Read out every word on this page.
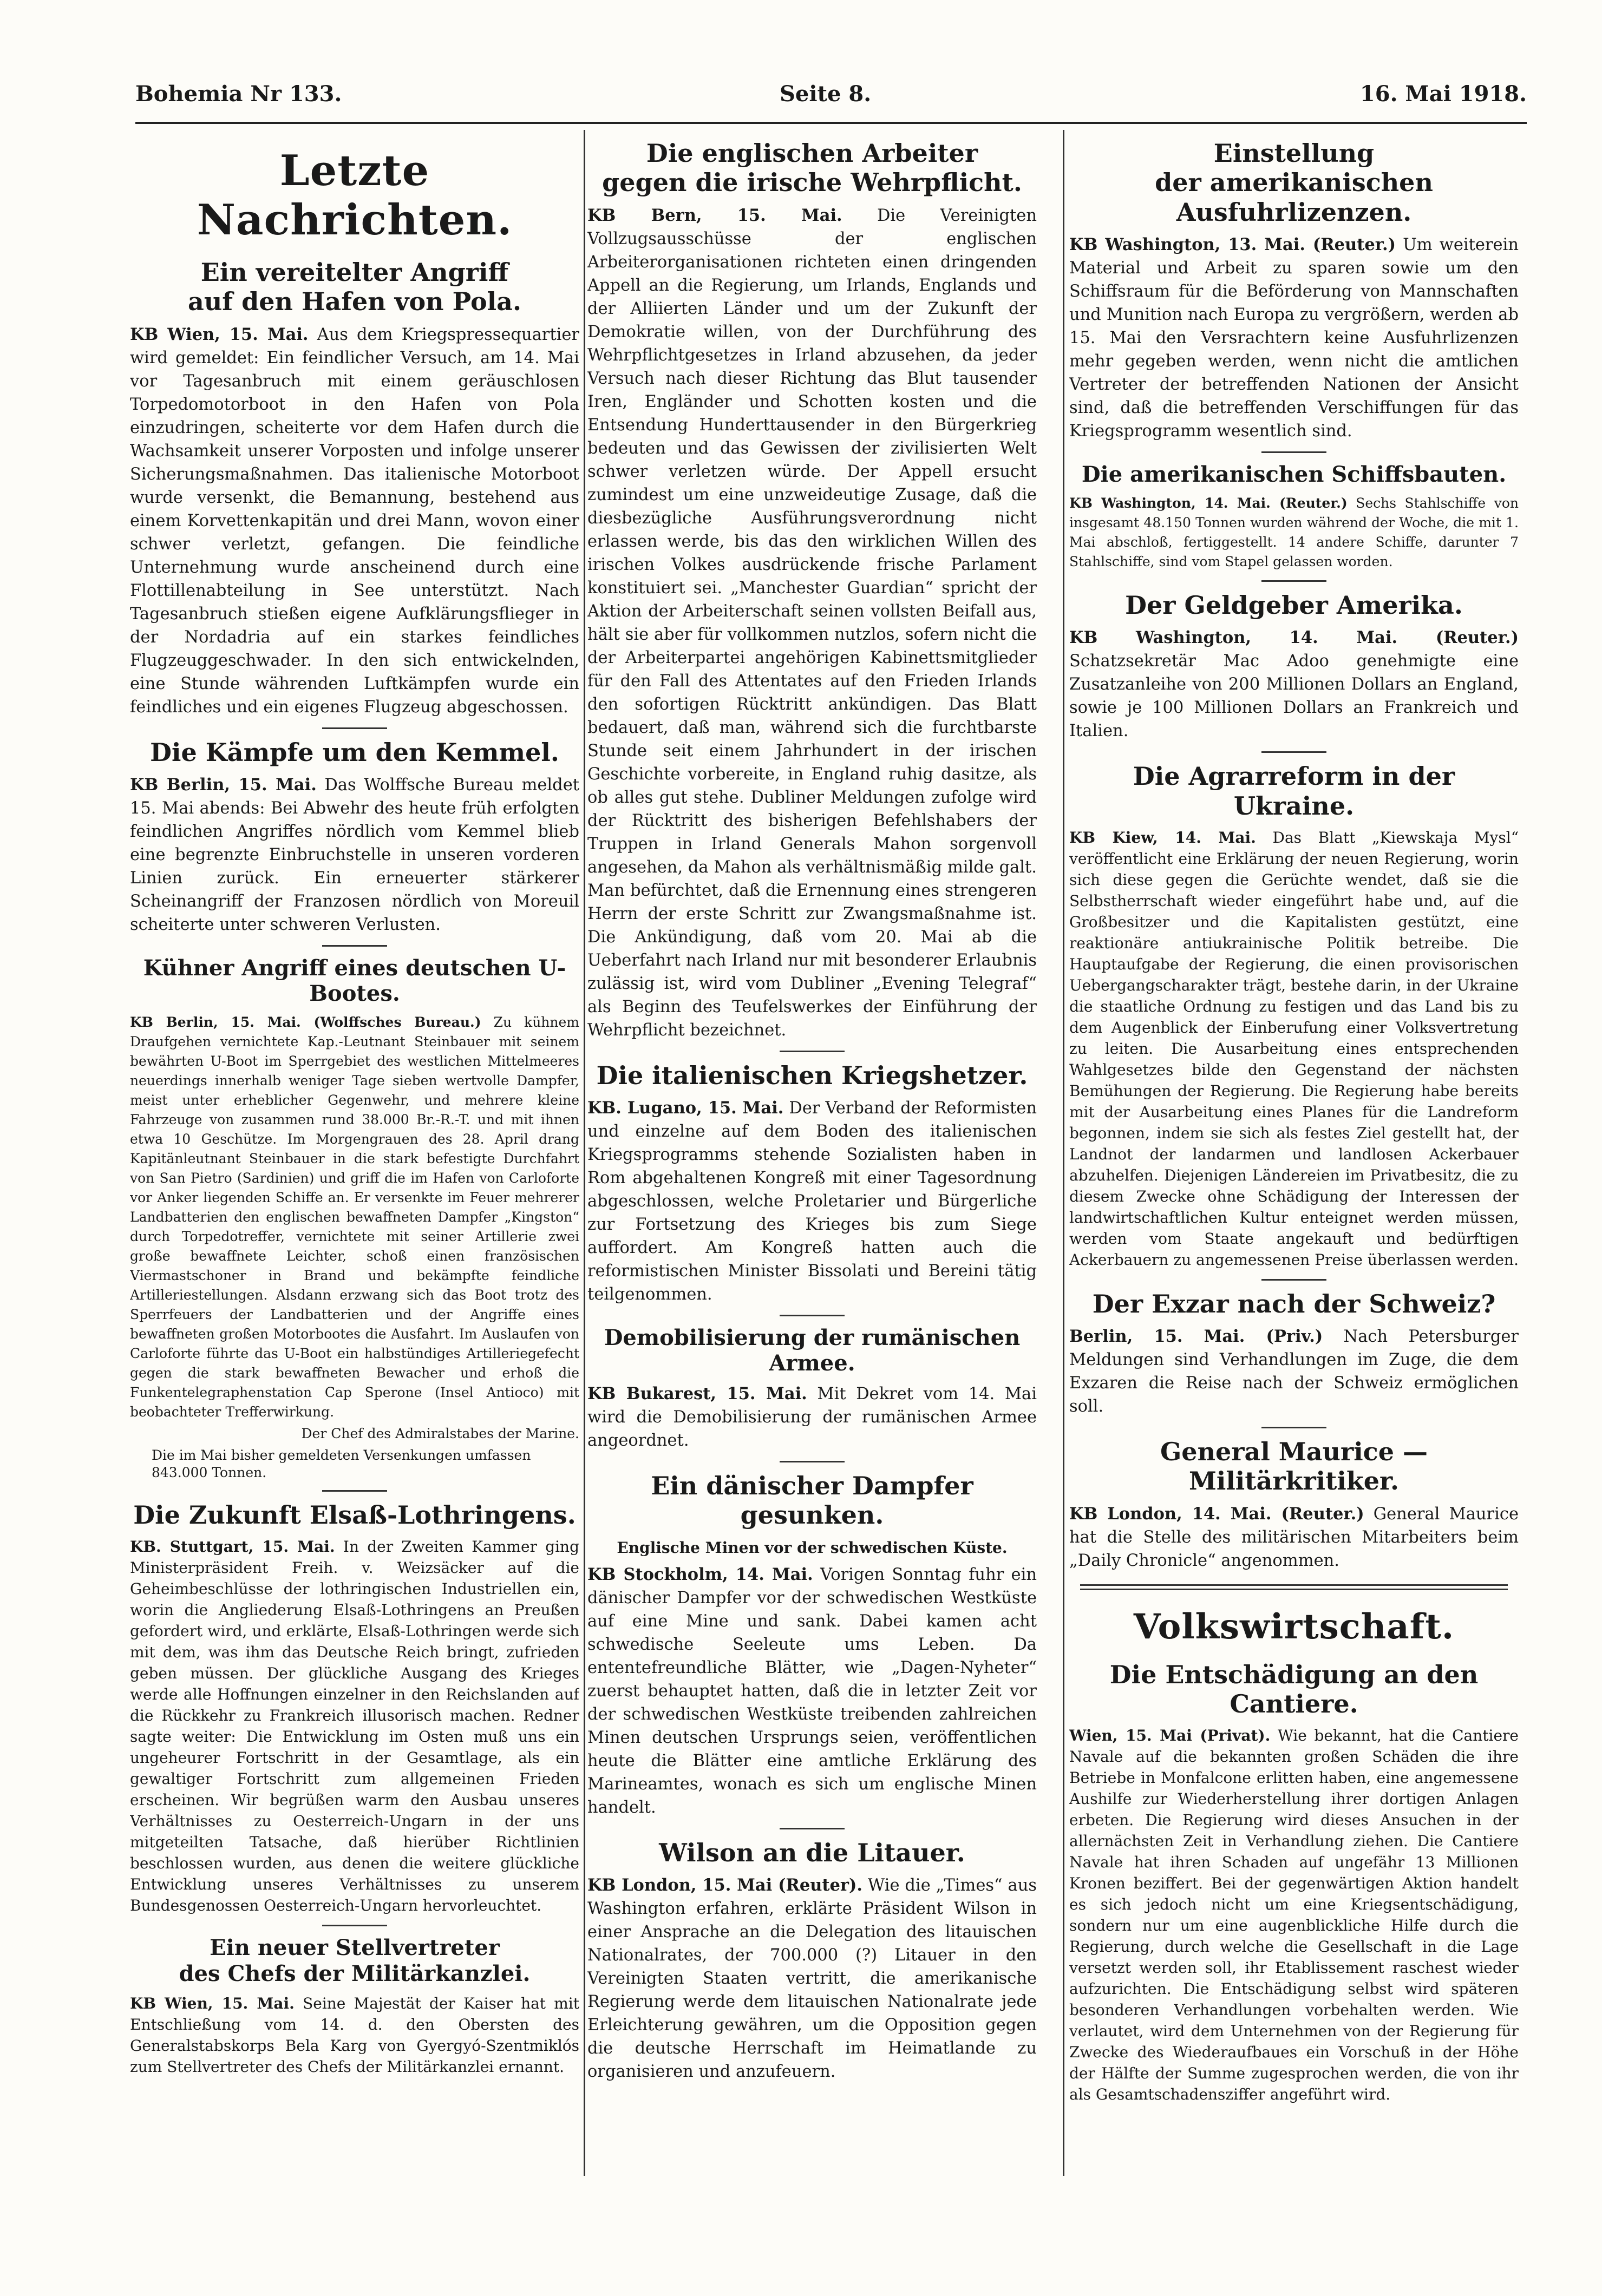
Bohemia Nr 133.	Seite 8.	16. Mai 1918.
Letzte Nachrichten.
Ein vereitelter Angriff
auf den Hafen von Pola.

KB Wien, 15. Mai. Aus dem Kriegspressequartier wird gemeldet: Ein feindlicher Versuch, am 14. Mai vor Tagesanbruch mit einem geräuschlosen Torpedomotorboot in den Hafen von Pola einzudringen, scheiterte vor dem Hafen durch die Wachsamkeit unserer Vorposten und infolge unserer Sicherungsmaßnahmen. Das italienische Motorboot wurde versenkt, die Bemannung, bestehend aus einem Korvettenkapitän und drei Mann, wovon einer schwer verletzt, gefangen. Die feindliche Unternehmung wurde anscheinend durch eine Flottillenabteilung in See unterstützt. Nach Tagesanbruch stießen eigene Aufklärungsflieger in der Nordadria auf ein starkes feindliches Flugzeuggeschwader. In den sich entwickelnden, eine Stunde währenden Luftkämpfen wurde ein feindliches und ein eigenes Flugzeug abgeschossen.

Die Kämpfe um den Kemmel.

KB Berlin, 15. Mai. Das Wolffsche Bureau meldet 15. Mai abends: Bei Abwehr des heute früh erfolgten feindlichen Angriffes nördlich vom Kemmel blieb eine begrenzte Einbruchstelle in unseren vorderen Linien zurück. Ein erneuerter stärkerer Scheinangriff der Franzosen nördlich von Moreuil scheiterte unter schweren Verlusten.

Kühner Angriff eines deutschen U-Bootes.

KB Berlin, 15. Mai. (Wolffsches Bureau.) Zu kühnem Draufgehen vernichtete Kap.-Leutnant Steinbauer mit seinem bewährten U-Boot im Sperrgebiet des westlichen Mittelmeeres neuerdings innerhalb weniger Tage sieben wertvolle Dampfer, meist unter erheblicher Gegenwehr, und mehrere kleine Fahrzeuge von zusammen rund 38.000 Br.-R.-T. und mit ihnen etwa 10 Geschütze. Im Morgengrauen des 28. April drang Kapitänleutnant Steinbauer in die stark befestigte Durchfahrt von San Pietro (Sardinien) und griff die im Hafen von Carloforte vor Anker liegenden Schiffe an. Er versenkte im Feuer mehrerer Landbatterien den englischen bewaffneten Dampfer „Kingston“ durch Torpedotreffer, vernichtete mit seiner Artillerie zwei große bewaffnete Leichter, schoß einen französischen Viermastschoner in Brand und bekämpfte feindliche Artilleriestellungen. Alsdann erzwang sich das Boot trotz des Sperrfeuers der Landbatterien und der Angriffe eines bewaffneten großen Motorbootes die Ausfahrt. Im Auslaufen von Carloforte führte das U-Boot ein halbstündiges Artilleriegefecht gegen die stark bewaffneten Bewacher und erhoß die Funkentelegraphenstation Cap Sperone (Insel Antioco) mit beobachteter Trefferwirkung.

Der Chef des Admiralstabes der Marine.
Die im Mai bisher gemeldeten Versenkungen umfassen 843.000 Tonnen.
Die Zukunft Elsaß-Lothringens.

KB. Stuttgart, 15. Mai. In der Zweiten Kammer ging Ministerpräsident Freih. v. Weizsäcker auf die Geheimbeschlüsse der lothringischen Industriellen ein, worin die Angliederung Elsaß-Lothringens an Preußen gefordert wird, und erklärte, Elsaß-Lothringen werde sich mit dem, was ihm das Deutsche Reich bringt, zufrieden geben müssen. Der glückliche Ausgang des Krieges werde alle Hoffnungen einzelner in den Reichslanden auf die Rückkehr zu Frankreich illusorisch machen. Redner sagte weiter: Die Entwicklung im Osten muß uns ein ungeheurer Fortschritt in der Gesamtlage, als ein gewaltiger Fortschritt zum allgemeinen Frieden erscheinen. Wir begrüßen warm den Ausbau unseres Verhältnisses zu Oesterreich-Ungarn in der uns mitgeteilten Tatsache, daß hierüber Richtlinien beschlossen wurden, aus denen die weitere glückliche Entwicklung unseres Verhältnisses zu unserem Bundesgenossen Oesterreich-Ungarn hervorleuchtet.

Ein neuer Stellvertreter
des Chefs der Militärkanzlei.

KB Wien, 15. Mai. Seine Majestät der Kaiser hat mit Entschließung vom 14. d. den Obersten des Generalstabskorps Bela Karg von Gyergyó-Szentmiklós zum Stellvertreter des Chefs der Militärkanzlei ernannt.

Die englischen Arbeiter
gegen die irische Wehrpflicht.

KB Bern, 15. Mai. Die Vereinigten Vollzugsausschüsse der englischen Arbeiterorganisationen richteten einen dringenden Appell an die Regierung, um Irlands, Englands und der Alliierten Länder und um der Zukunft der Demokratie willen, von der Durchführung des Wehrpflichtgesetzes in Irland abzusehen, da jeder Versuch nach dieser Richtung das Blut tausender Iren, Engländer und Schotten kosten und die Entsendung Hunderttausender in den Bürgerkrieg bedeuten und das Gewissen der zivilisierten Welt schwer verletzen würde. Der Appell ersucht zumindest um eine unzweideutige Zusage, daß die diesbezügliche Ausführungsverordnung nicht erlassen werde, bis das den wirklichen Willen des irischen Volkes ausdrückende frische Parlament konstituiert sei. „Manchester Guardian“ spricht der Aktion der Arbeiterschaft seinen vollsten Beifall aus, hält sie aber für vollkommen nutzlos, sofern nicht die der Arbeiterpartei angehörigen Kabinettsmitglieder für den Fall des Attentates auf den Frieden Irlands den sofortigen Rücktritt ankündigen. Das Blatt bedauert, daß man, während sich die furchtbarste Stunde seit einem Jahrhundert in der irischen Geschichte vorbereite, in England ruhig dasitze, als ob alles gut stehe. Dubliner Meldungen zufolge wird der Rücktritt des bisherigen Befehlshabers der Truppen in Irland Generals Mahon sorgenvoll angesehen, da Mahon als verhältnismäßig milde galt. Man befürchtet, daß die Ernennung eines strengeren Herrn der erste Schritt zur Zwangsmaßnahme ist. Die Ankündigung, daß vom 20. Mai ab die Ueberfahrt nach Irland nur mit besonderer Erlaubnis zulässig ist, wird vom Dubliner „Evening Telegraf“ als Beginn des Teufelswerkes der Einführung der Wehrpflicht bezeichnet.

Die italienischen Kriegshetzer.

KB. Lugano, 15. Mai. Der Verband der Reformisten und einzelne auf dem Boden des italienischen Kriegsprogramms stehende Sozialisten haben in Rom abgehaltenen Kongreß mit einer Tagesordnung abgeschlossen, welche Proletarier und Bürgerliche zur Fortsetzung des Krieges bis zum Siege auffordert. Am Kongreß hatten auch die reformistischen Minister Bissolati und Bereini tätig teilgenommen.

Demobilisierung der rumänischen Armee.

KB Bukarest, 15. Mai. Mit Dekret vom 14. Mai wird die Demobilisierung der rumänischen Armee angeordnet.

Ein dänischer Dampfer gesunken.
Englische Minen vor der schwedischen Küste.

KB Stockholm, 14. Mai. Vorigen Sonntag fuhr ein dänischer Dampfer vor der schwedischen Westküste auf eine Mine und sank. Dabei kamen acht schwedische Seeleute ums Leben. Da ententefreundliche Blätter, wie „Dagen-Nyheter“ zuerst behauptet hatten, daß die in letzter Zeit vor der schwedischen Westküste treibenden zahlreichen Minen deutschen Ursprungs seien, veröffentlichen heute die Blätter eine amtliche Erklärung des Marineamtes, wonach es sich um englische Minen handelt.

Wilson an die Litauer.

KB London, 15. Mai (Reuter). Wie die „Times“ aus Washington erfahren, erklärte Präsident Wilson in einer Ansprache an die Delegation des litauischen Nationalrates, der 700.000 (?) Litauer in den Vereinigten Staaten vertritt, die amerikanische Regierung werde dem litauischen Nationalrate jede Erleichterung gewähren, um die Opposition gegen die deutsche Herrschaft im Heimatlande zu organisieren und anzufeuern.

Einstellung
der amerikanischen Ausfuhrlizenzen.

KB Washington, 13. Mai. (Reuter.) Um weiterein Material und Arbeit zu sparen sowie um den Schiffsraum für die Beförderung von Mannschaften und Munition nach Europa zu vergrößern, werden ab 15. Mai den Versrachtern keine Ausfuhrlizenzen mehr gegeben werden, wenn nicht die amtlichen Vertreter der betreffenden Nationen der Ansicht sind, daß die betreffenden Verschiffungen für das Kriegsprogramm wesentlich sind.

Die amerikanischen Schiffsbauten.

KB Washington, 14. Mai. (Reuter.) Sechs Stahlschiffe von insgesamt 48.150 Tonnen wurden während der Woche, die mit 1. Mai abschloß, fertiggestellt. 14 andere Schiffe, darunter 7 Stahlschiffe, sind vom Stapel gelassen worden.

Der Geldgeber Amerika.

KB Washington, 14. Mai. (Reuter.) Schatzsekretär Mac Adoo genehmigte eine Zusatzanleihe von 200 Millionen Dollars an England, sowie je 100 Millionen Dollars an Frankreich und Italien.

Die Agrarreform in der Ukraine.

KB Kiew, 14. Mai. Das Blatt „Kiewskaja Mysl“ veröffentlicht eine Erklärung der neuen Regierung, worin sich diese gegen die Gerüchte wendet, daß sie die Selbstherrschaft wieder eingeführt habe und, auf die Großbesitzer und die Kapitalisten gestützt, eine reaktionäre antiukrainische Politik betreibe. Die Hauptaufgabe der Regierung, die einen provisorischen Uebergangscharakter trägt, bestehe darin, in der Ukraine die staatliche Ordnung zu festigen und das Land bis zu dem Augenblick der Einberufung einer Volksvertretung zu leiten. Die Ausarbeitung eines entsprechenden Wahlgesetzes bilde den Gegenstand der nächsten Bemühungen der Regierung. Die Regierung habe bereits mit der Ausarbeitung eines Planes für die Landreform begonnen, indem sie sich als festes Ziel gestellt hat, der Landnot der landarmen und landlosen Ackerbauer abzuhelfen. Diejenigen Ländereien im Privatbesitz, die zu diesem Zwecke ohne Schädigung der Interessen der landwirtschaftlichen Kultur enteignet werden müssen, werden vom Staate angekauft und bedürftigen Ackerbauern zu angemessenen Preise überlassen werden.

Der Exzar nach der Schweiz?

Berlin, 15. Mai. (Priv.) Nach Petersburger Meldungen sind Verhandlungen im Zuge, die dem Exzaren die Reise nach der Schweiz ermöglichen soll.

General Maurice — Militärkritiker.

KB London, 14. Mai. (Reuter.) General Maurice hat die Stelle des militärischen Mitarbeiters beim „Daily Chronicle“ angenommen.

Volkswirtschaft.
Die Entschädigung an den Cantiere.

Wien, 15. Mai (Privat). Wie bekannt, hat die Cantiere Navale auf die bekannten großen Schäden die ihre Betriebe in Monfalcone erlitten haben, eine angemessene Aushilfe zur Wiederherstellung ihrer dortigen Anlagen erbeten. Die Regierung wird dieses Ansuchen in der allernächsten Zeit in Verhandlung ziehen. Die Cantiere Navale hat ihren Schaden auf ungefähr 13 Millionen Kronen beziffert. Bei der gegenwärtigen Aktion handelt es sich jedoch nicht um eine Kriegsentschädigung, sondern nur um eine augenblickliche Hilfe durch die Regierung, durch welche die Gesellschaft in die Lage versetzt werden soll, ihr Etablissement raschest wieder aufzurichten. Die Entschädigung selbst wird späteren besonderen Verhandlungen vorbehalten werden. Wie verlautet, wird dem Unternehmen von der Regierung für Zwecke des Wiederaufbaues ein Vorschuß in der Höhe der Hälfte der Summe zugesprochen werden, die von ihr als Gesamtschadensziffer angeführt wird.
